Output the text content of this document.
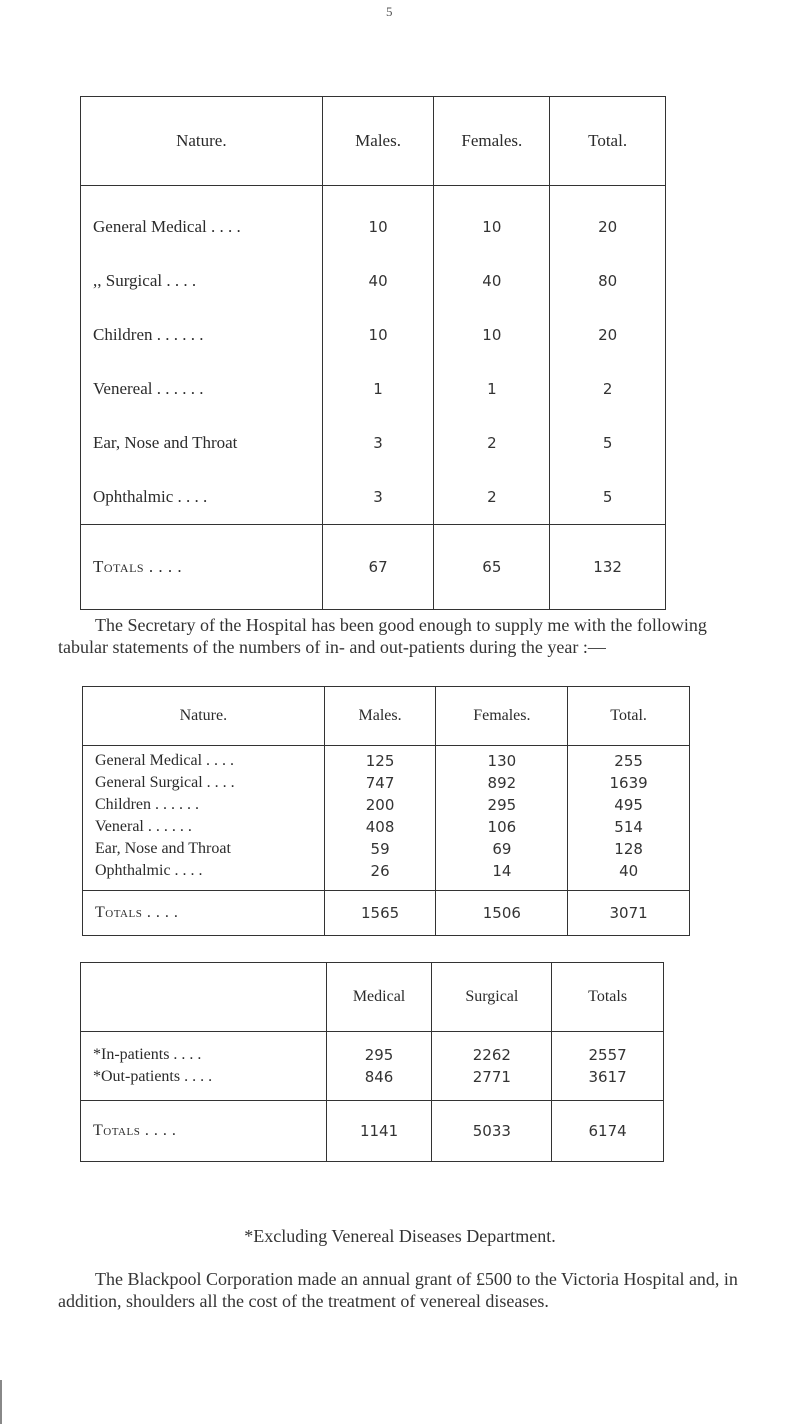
5
Nature.	Males.	Females.	Total.
General Medical . . . .	10	10	20
,, Surgical . . . .	40	40	80
Children . . . . . .	10	10	20
Venereal . . . . . .	1	1	2
Ear, Nose and Throat	3	2	5
Ophthalmic . . . .	3	2	5
Totals . . . .	67	65	132

The Secretary of the Hospital has been good enough to supply me with the following tabular statements of the numbers of in- and out-patients during the year :—

Nature.	Males.	Females.	Total.
General Medical . . . .	125	130	255
General Surgical . . . .	747	892	1639
Children . . . . . .	200	295	495
Veneral . . . . . .	408	106	514
Ear, Nose and Throat	59	69	128
Ophthalmic . . . .	26	14	40
Totals . . . .	1565	1506	3071
	Medical	Surgical	Totals
*In-patients . . . .	295	2262	2557
*Out-patients . . . .	846	2771	3617
Totals . . . .	1141	5033	6174
*Excluding Venereal Diseases Department.

The Blackpool Corporation made an annual grant of £500 to the Victoria Hospital and, in addition, shoulders all the cost of the treatment of venereal diseases.
